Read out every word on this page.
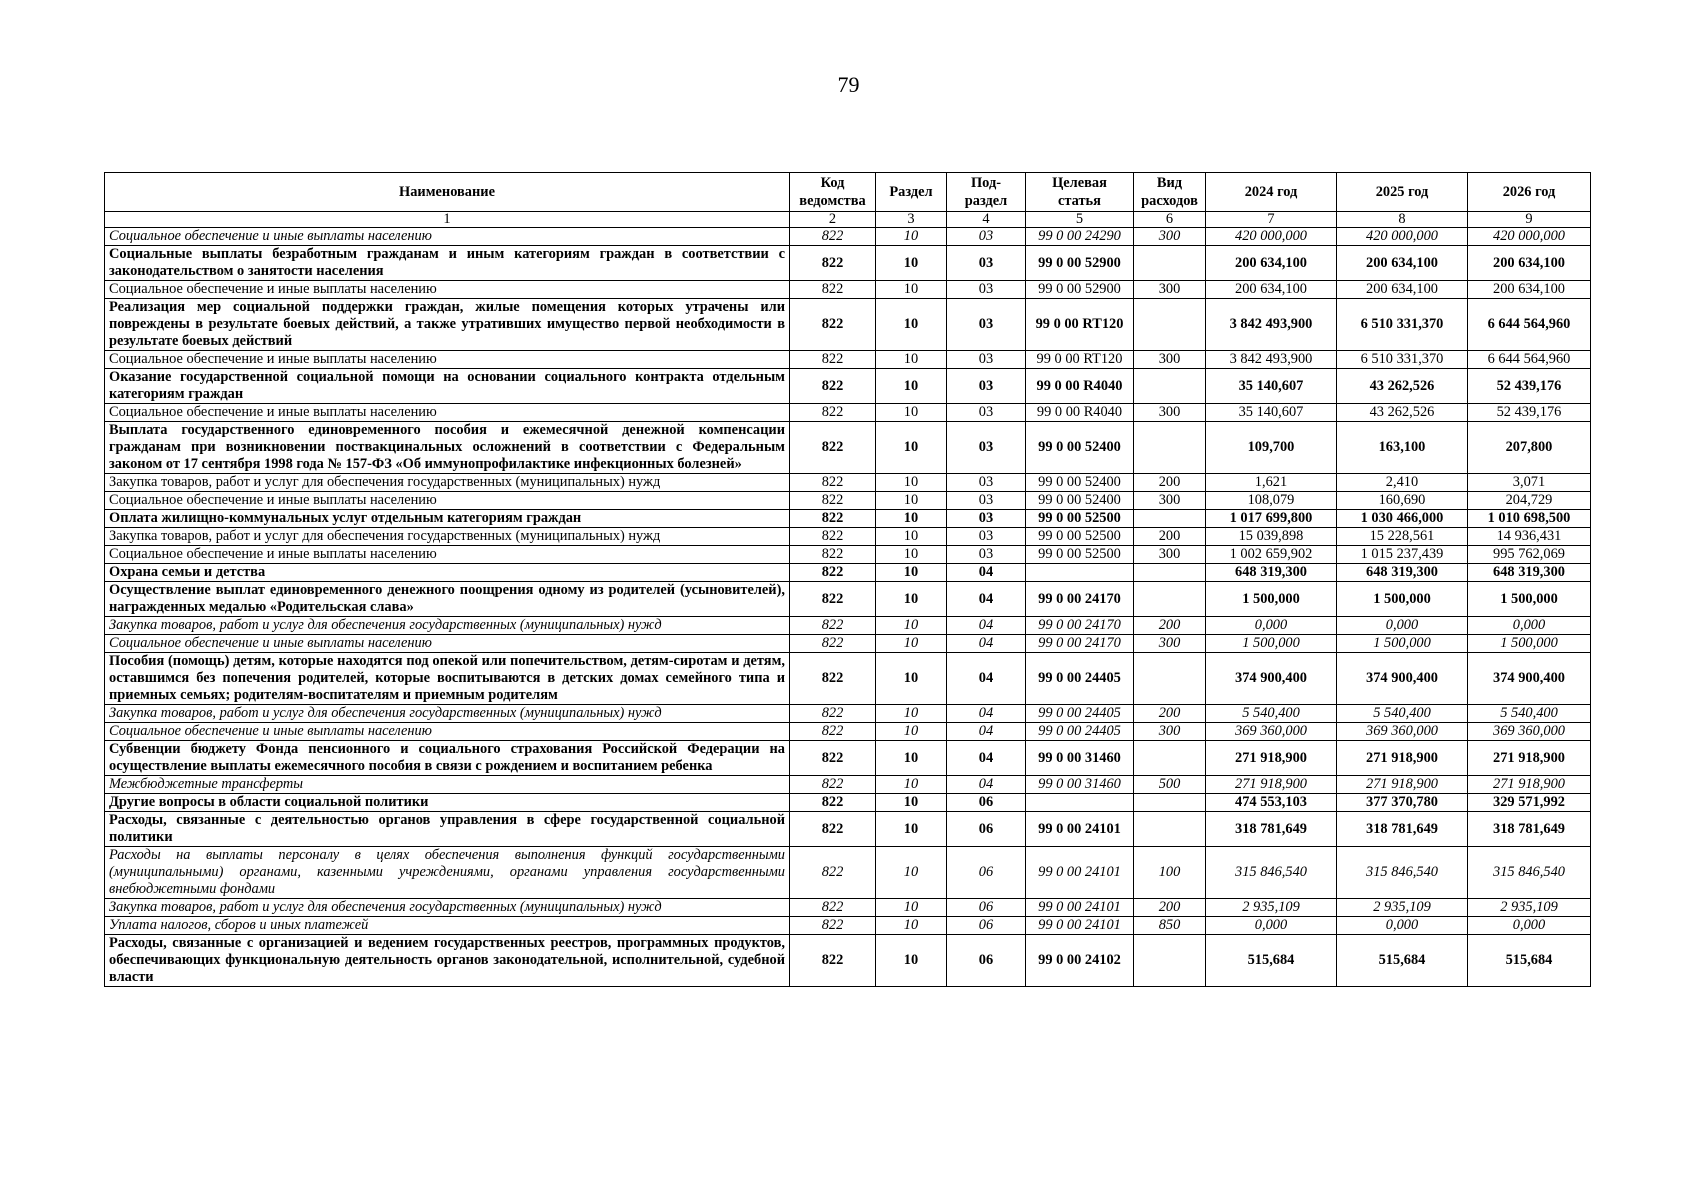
79
Наименование	Код ведомства	Раздел	Под-раздел	Целевая статья	Вид расходов	2024 год	2025 год	2026 год
1	2	3	4	5	6	7	8	9
Социальное обеспечение и иные выплаты населению	822	10	03	99 0 00 24290	300	420 000,000	420 000,000	420 000,000
Социальные выплаты безработным гражданам и иным категориям граждан в соответствии с законодательством о занятости населения	822	10	03	99 0 00 52900		200 634,100	200 634,100	200 634,100
Социальное обеспечение и иные выплаты населению	822	10	03	99 0 00 52900	300	200 634,100	200 634,100	200 634,100
Реализация мер социальной поддержки граждан, жилые помещения которых утрачены или повреждены в результате боевых действий, а также утративших имущество первой необходимости в результате боевых действий	822	10	03	99 0 00 RT120		3 842 493,900	6 510 331,370	6 644 564,960
Социальное обеспечение и иные выплаты населению	822	10	03	99 0 00 RT120	300	3 842 493,900	6 510 331,370	6 644 564,960
Оказание государственной социальной помощи на основании социального контракта отдельным категориям граждан	822	10	03	99 0 00 R4040		35 140,607	43 262,526	52 439,176
Социальное обеспечение и иные выплаты населению	822	10	03	99 0 00 R4040	300	35 140,607	43 262,526	52 439,176
Выплата государственного единовременного пособия и ежемесячной денежной компенсации гражданам при возникновении поствакцинальных осложнений в соответствии с Федеральным законом от 17 сентября 1998 года № 157-ФЗ «Об иммунопрофилактике инфекционных болезней»	822	10	03	99 0 00 52400		109,700	163,100	207,800
Закупка товаров, работ и услуг для обеспечения государственных (муниципальных) нужд	822	10	03	99 0 00 52400	200	1,621	2,410	3,071
Социальное обеспечение и иные выплаты населению	822	10	03	99 0 00 52400	300	108,079	160,690	204,729
Оплата жилищно-коммунальных услуг отдельным категориям граждан	822	10	03	99 0 00 52500		1 017 699,800	1 030 466,000	1 010 698,500
Закупка товаров, работ и услуг для обеспечения государственных (муниципальных) нужд	822	10	03	99 0 00 52500	200	15 039,898	15 228,561	14 936,431
Социальное обеспечение и иные выплаты населению	822	10	03	99 0 00 52500	300	1 002 659,902	1 015 237,439	995 762,069
Охрана семьи и детства	822	10	04			648 319,300	648 319,300	648 319,300
Осуществление выплат единовременного денежного поощрения одному из родителей (усыновителей), награжденных медалью «Родительская слава»	822	10	04	99 0 00 24170		1 500,000	1 500,000	1 500,000
Закупка товаров, работ и услуг для обеспечения государственных (муниципальных) нужд	822	10	04	99 0 00 24170	200	0,000	0,000	0,000
Социальное обеспечение и иные выплаты населению	822	10	04	99 0 00 24170	300	1 500,000	1 500,000	1 500,000
Пособия (помощь) детям, которые находятся под опекой или попечительством, детям-сиротам и детям, оставшимся без попечения родителей, которые воспитываются в детских домах семейного типа и приемных семьях; родителям-воспитателям и приемным родителям	822	10	04	99 0 00 24405		374 900,400	374 900,400	374 900,400
Закупка товаров, работ и услуг для обеспечения государственных (муниципальных) нужд	822	10	04	99 0 00 24405	200	5 540,400	5 540,400	5 540,400
Социальное обеспечение и иные выплаты населению	822	10	04	99 0 00 24405	300	369 360,000	369 360,000	369 360,000
Субвенции бюджету Фонда пенсионного и социального страхования Российской Федерации на осуществление выплаты ежемесячного пособия в связи с рождением и воспитанием ребенка	822	10	04	99 0 00 31460		271 918,900	271 918,900	271 918,900
Межбюджетные трансферты	822	10	04	99 0 00 31460	500	271 918,900	271 918,900	271 918,900
Другие вопросы в области социальной политики	822	10	06			474 553,103	377 370,780	329 571,992
Расходы, связанные с деятельностью органов управления в сфере государственной социальной политики	822	10	06	99 0 00 24101		318 781,649	318 781,649	318 781,649
Расходы на выплаты персоналу в целях обеспечения выполнения функций государственными (муниципальными) органами, казенными учреждениями, органами управления государственными внебюджетными фондами	822	10	06	99 0 00 24101	100	315 846,540	315 846,540	315 846,540
Закупка товаров, работ и услуг для обеспечения государственных (муниципальных) нужд	822	10	06	99 0 00 24101	200	2 935,109	2 935,109	2 935,109
Уплата налогов, сборов и иных платежей	822	10	06	99 0 00 24101	850	0,000	0,000	0,000
Расходы, связанные с организацией и ведением государственных реестров, программных продуктов, обеспечивающих функциональную деятельность органов законодательной, исполнительной, судебной власти	822	10	06	99 0 00 24102		515,684	515,684	515,684
